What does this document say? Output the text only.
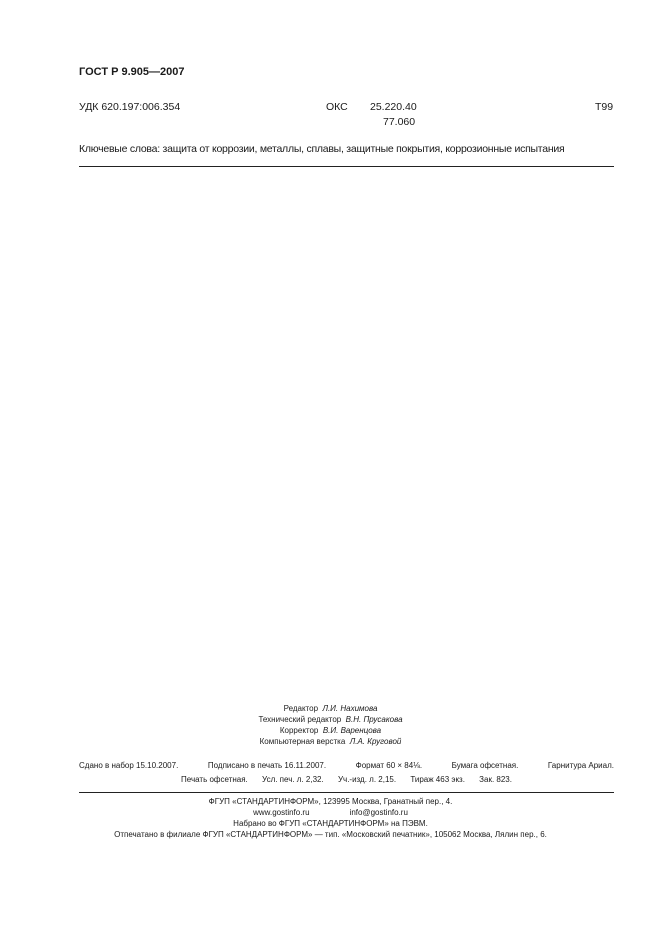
ГОСТ Р 9.905—2007
УДК 620.197:006.354	ОКС 25.220.40
77.060
Т99
Ключевые слова: защита от коррозии, металлы, сплавы, защитные покрытия, коррозионные испытания
Редактор Л.И. Нахимова
Технический редактор В.Н. Прусакова
Корректор В.И. Варенцова
Компьютерная верстка Л.А. Круговой
Сдано в набор 15.10.2007.	Подписано в печать 16.11.2007.	Формат 60 × 84⅛.	Бумага офсетная.	Гарнитура Ариал.
Печать офсетная. Усл. печ. л. 2,32. Уч.-изд. л. 2,15. Тираж 463 экз. Зак. 823.
ФГУП «СТАНДАРТИНФОРМ», 123995 Москва, Гранатный пер., 4.
www.gostinfo.ru	info@gostinfo.ru
Набрано во ФГУП «СТАНДАРТИНФОРМ» на ПЭВМ.
Отпечатано в филиале ФГУП «СТАНДАРТИНФОРМ» — тип. «Московский печатник», 105062 Москва, Лялин пер., 6.
